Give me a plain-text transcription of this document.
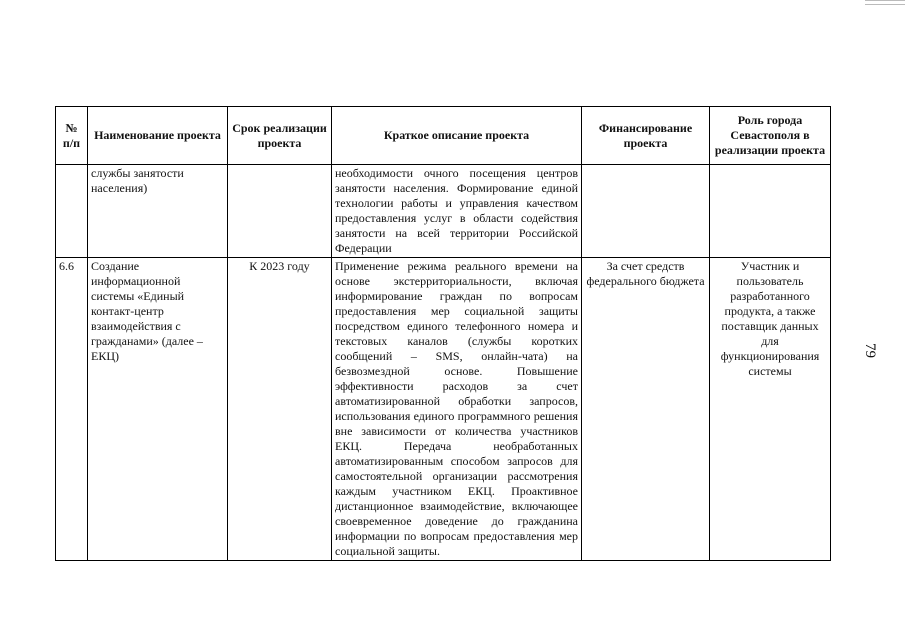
№ п/п	Наименование проекта	Срок реализации проекта	Краткое описание проекта	Финансирование проекта	Роль города Севастополя в реализации проекта
	службы занятости населения)		необходимости очного посещения центров занятости населения. Формирование единой технологии работы и управления качеством предоставления услуг в области содействия занятости на всей территории Российской Федерации		
6.6	Создание информационной системы «Единый контакт-центр взаимодействия с гражданами» (далее – ЕКЦ)	К 2023 году	Применение режима реального времени на основе экстерриториальности, включая информирование граждан по вопросам предоставления мер социальной защиты посредством единого телефонного номера и текстовых каналов (службы коротких сообщений – SMS, онлайн-чата) на безвозмездной основе. Повышение эффективности расходов за счет автоматизированной обработки запросов, использования единого программного решения вне зависимости от количества участников ЕКЦ. Передача необработанных автоматизированным способом запросов для самостоятельной организации рассмотрения каждым участником ЕКЦ. Проактивное дистанционное взаимодействие, включающее своевременное доведение до гражданина информации по вопросам предоставления мер социальной защиты.	За счет средств федерального бюджета	Участник и пользователь разработанного продукта, а также поставщик данных для функционирования системы
79
